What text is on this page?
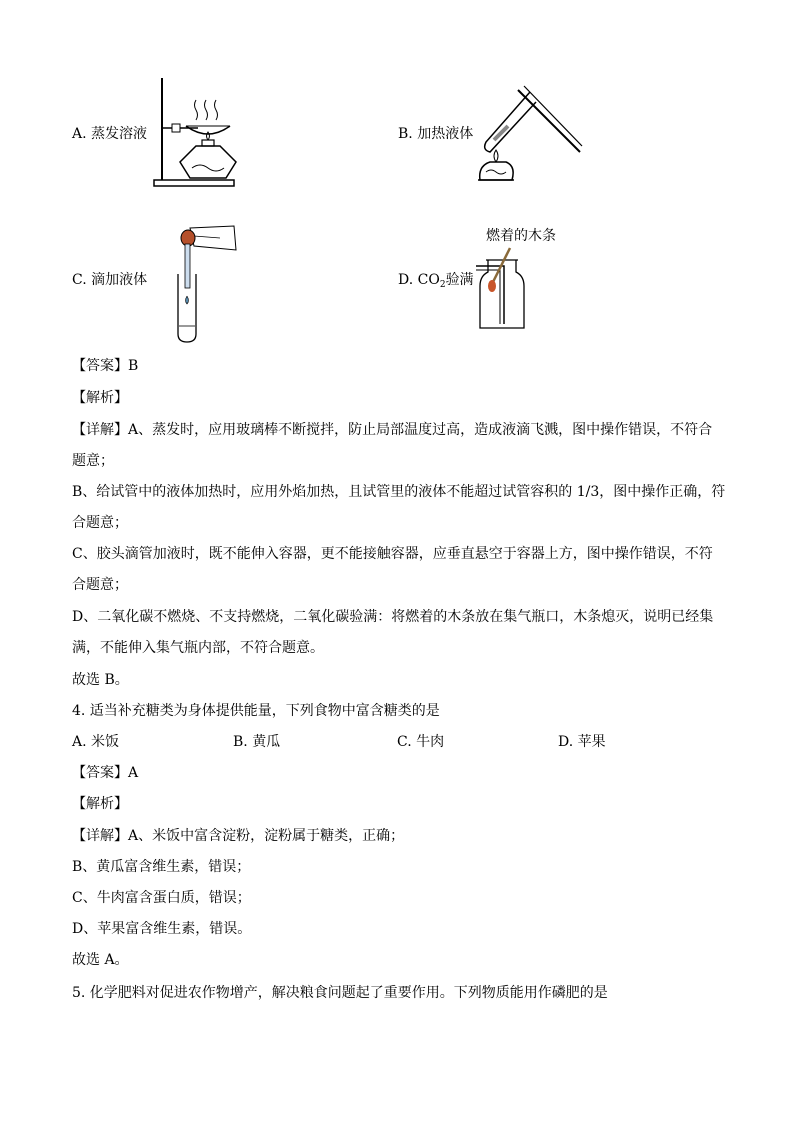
A. 蒸发溶液	B. 加热液体
C. 滴加液体	D. $CO_2$验满
燃着的木条
【答案】B
【解析】
【详解】A、蒸发时，应用玻璃棒不断搅拌，防止局部温度过高，造成液滴飞溅，图中操作错误，不符合
题意；
B、给试管中的液体加热时，应用外焰加热，且试管里的液体不能超过试管容积的 1/3，图中操作正确，符
合题意；
C、胶头滴管加液时，既不能伸入容器，更不能接触容器，应垂直悬空于容器上方，图中操作错误，不符
合题意；
D、二氧化碳不燃烧、不支持燃烧，二氧化碳验满：将燃着的木条放在集气瓶口，木条熄灭，说明已经集
满，不能伸入集气瓶内部，不符合题意。
故选 B。
4. 适当补充糖类为身体提供能量，下列食物中富含糖类的是
A. 米饭	B. 黄瓜	C. 牛肉	D. 苹果
【答案】A
【解析】
【详解】A、米饭中富含淀粉，淀粉属于糖类，正确；
B、黄瓜富含维生素，错误；
C、牛肉富含蛋白质，错误；
D、苹果富含维生素，错误。
故选 A。
5. 化学肥料对促进农作物增产，解决粮食问题起了重要作用。下列物质能用作磷肥的是
